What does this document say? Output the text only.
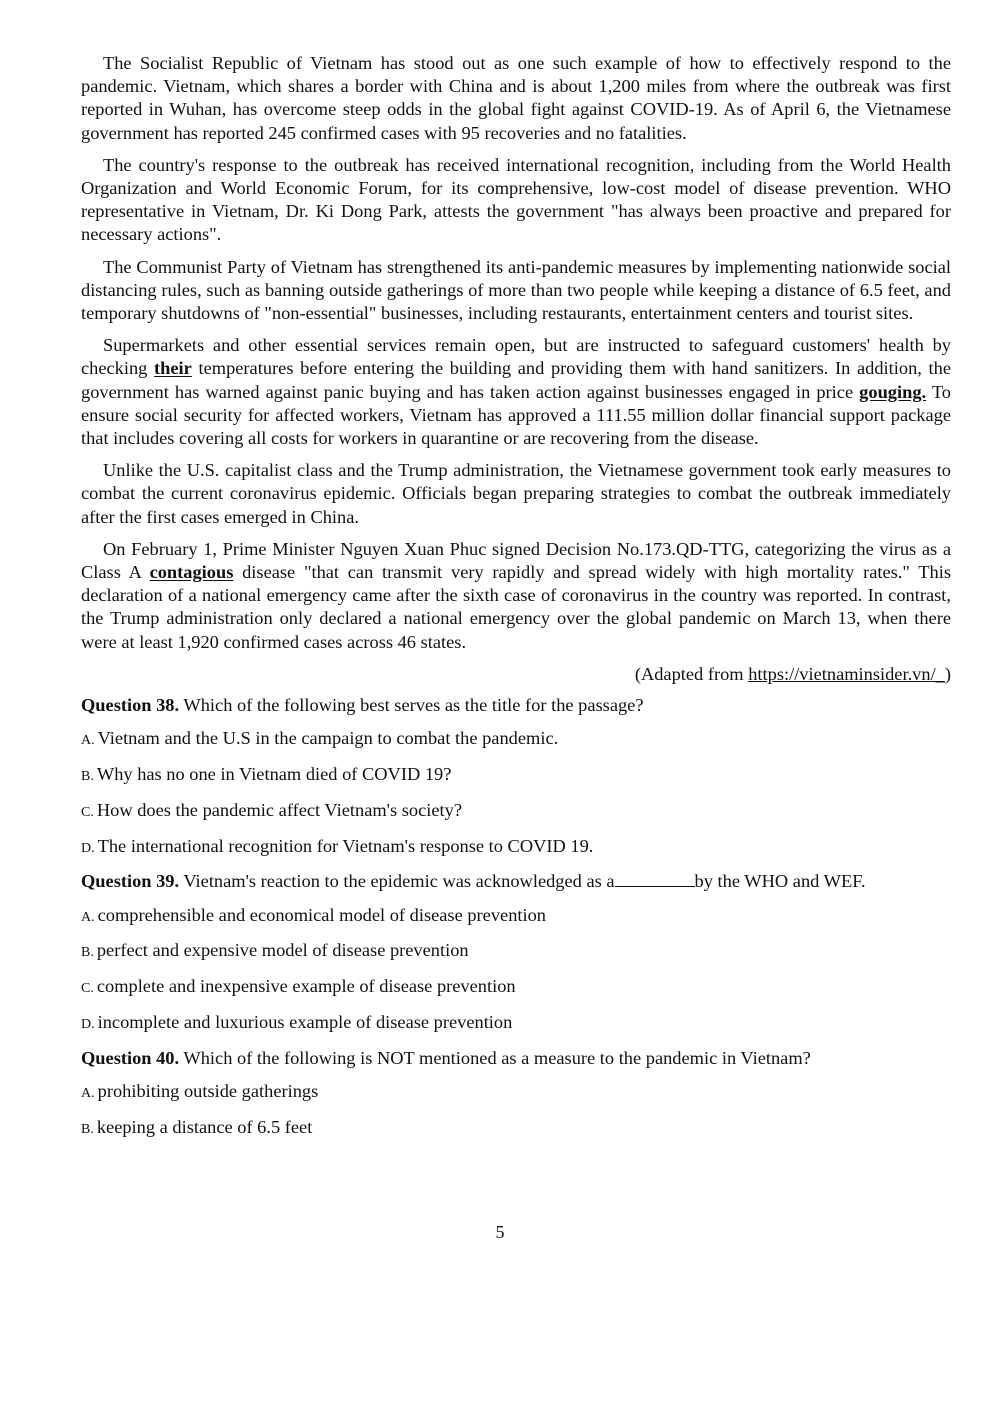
The Socialist Republic of Vietnam has stood out as one such example of how to effectively respond to the pandemic. Vietnam, which shares a border with China and is about 1,200 miles from where the outbreak was first reported in Wuhan, has overcome steep odds in the global fight against COVID-19. As of April 6, the Vietnamese government has reported 245 confirmed cases with 95 recoveries and no fatalities.

The country's response to the outbreak has received international recognition, including from the World Health Organization and World Economic Forum, for its comprehensive, low-cost model of disease prevention. WHO representative in Vietnam, Dr. Ki Dong Park, attests the government "has always been proactive and prepared for necessary actions".

The Communist Party of Vietnam has strengthened its anti-pandemic measures by implementing nationwide social distancing rules, such as banning outside gatherings of more than two people while keeping a distance of 6.5 feet, and temporary shutdowns of "non-essential" businesses, including restaurants, entertainment centers and tourist sites.

Supermarkets and other essential services remain open, but are instructed to safeguard customers' health by checking their temperatures before entering the building and providing them with hand sanitizers. In addition, the government has warned against panic buying and has taken action against businesses engaged in price gouging. To ensure social security for affected workers, Vietnam has approved a 111.55 million dollar financial support package that includes covering all costs for workers in quarantine or are recovering from the disease.

Unlike the U.S. capitalist class and the Trump administration, the Vietnamese government took early measures to combat the current coronavirus epidemic. Officials began preparing strategies to combat the outbreak immediately after the first cases emerged in China.

On February 1, Prime Minister Nguyen Xuan Phuc signed Decision No.173.QD-TTG, categorizing the virus as a Class A contagious disease "that can transmit very rapidly and spread widely with high mortality rates." This declaration of a national emergency came after the sixth case of coronavirus in the country was reported. In contrast, the Trump administration only declared a national emergency over the global pandemic on March 13, when there were at least 1,920 confirmed cases across 46 states.

(Adapted from https://vietnaminsider.vn/_)
Question 38. Which of the following best serves as the title for the passage?
A. Vietnam and the U.S in the campaign to combat the pandemic.
B. Why has no one in Vietnam died of COVID 19?
C. How does the pandemic affect Vietnam's society?
D. The international recognition for Vietnam's response to COVID 19.
Question 39. Vietnam's reaction to the epidemic was acknowledged as a	by the WHO and WEF.
A. comprehensible and economical model of disease prevention
B. perfect and expensive model of disease prevention
C. complete and inexpensive example of disease prevention
D. incomplete and luxurious example of disease prevention
Question 40. Which of the following is NOT mentioned as a measure to the pandemic in Vietnam?
A. prohibiting outside gatherings
B. keeping a distance of 6.5 feet
5
